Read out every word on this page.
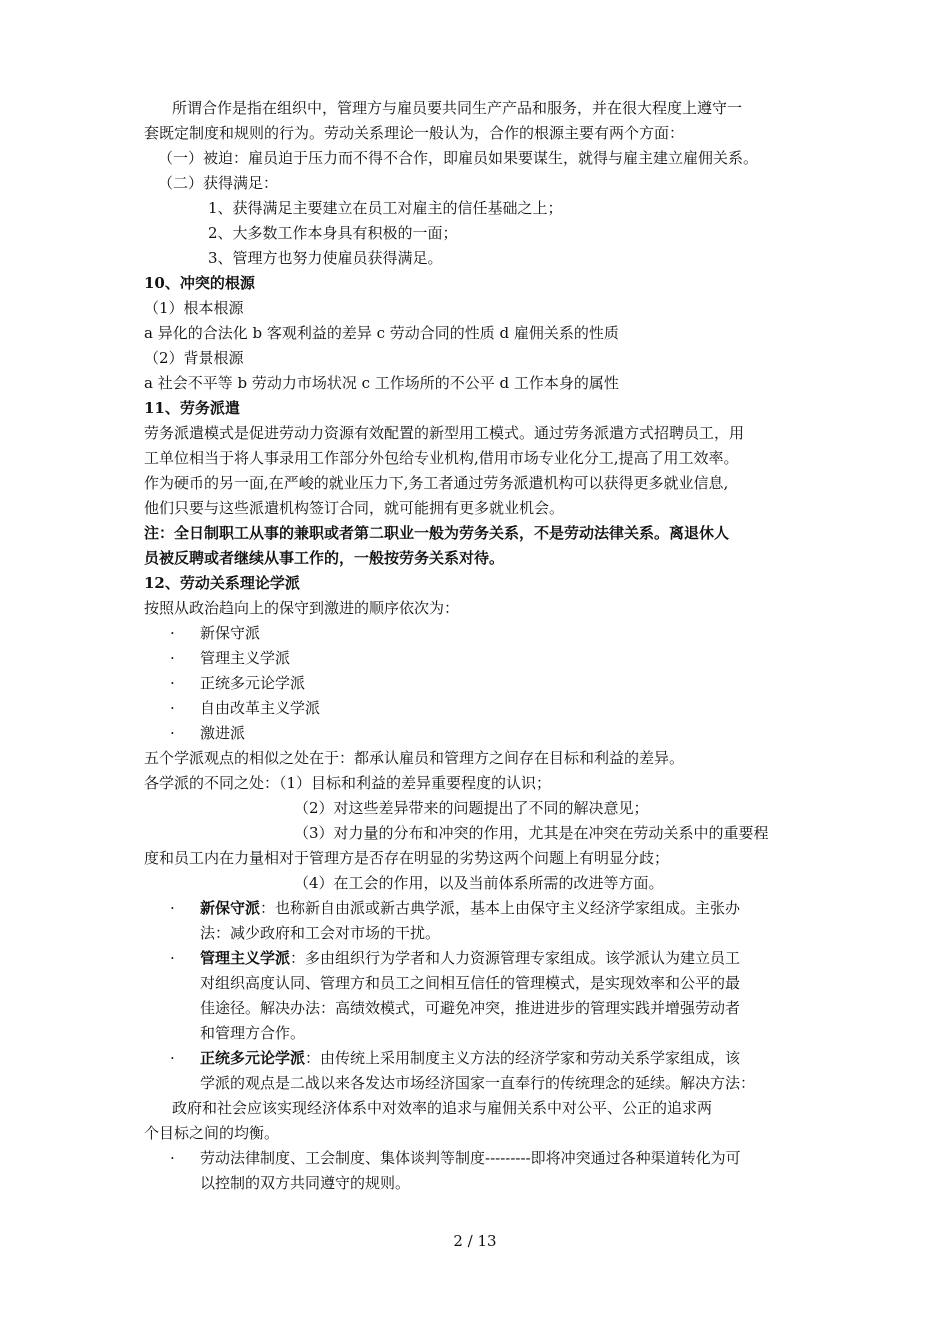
所谓合作是指在组织中，管理方与雇员要共同生产产品和服务，并在很大程度上遵守一
套既定制度和规则的行为。劳动关系理论一般认为，合作的根源主要有两个方面：
（一）被迫：雇员迫于压力而不得不合作，即雇员如果要谋生，就得与雇主建立雇佣关系。
（二）获得满足：
1、获得满足主要建立在员工对雇主的信任基础之上；
2、大多数工作本身具有积极的一面；
3、管理方也努力使雇员获得满足。
10、冲突的根源
（1）根本根源
a 异化的合法化 b 客观利益的差异 c 劳动合同的性质 d 雇佣关系的性质
（2）背景根源
a 社会不平等 b 劳动力市场状况 c 工作场所的不公平 d 工作本身的属性
11、劳务派遣
劳务派遣模式是促进劳动力资源有效配置的新型用工模式。通过劳务派遣方式招聘员工，用
工单位相当于将人事录用工作部分外包给专业机构,借用市场专业化分工,提高了用工效率。
作为硬币的另一面,在严峻的就业压力下,务工者通过劳务派遣机构可以获得更多就业信息,
他们只要与这些派遣机构签订合同，就可能拥有更多就业机会。
注：全日制职工从事的兼职或者第二职业一般为劳务关系，不是劳动法律关系。离退休人
员被反聘或者继续从事工作的，一般按劳务关系对待。
12、劳动关系理论学派
按照从政治趋向上的保守到激进的顺序依次为：
· 新保守派
· 管理主义学派
· 正统多元论学派
· 自由改革主义学派
· 激进派
五个学派观点的相似之处在于：都承认雇员和管理方之间存在目标和利益的差异。
各学派的不同之处：（1）目标和利益的差异重要程度的认识；
（2）对这些差异带来的问题提出了不同的解决意见；
（3）对力量的分布和冲突的作用，尤其是在冲突在劳动关系中的重要程
度和员工内在力量相对于管理方是否存在明显的劣势这两个问题上有明显分歧；
（4）在工会的作用，以及当前体系所需的改进等方面。
· 新保守派：也称新自由派或新古典学派，基本上由保守主义经济学家组成。主张办
法：减少政府和工会对市场的干扰。
· 管理主义学派：多由组织行为学者和人力资源管理专家组成。该学派认为建立员工
对组织高度认同、管理方和员工之间相互信任的管理模式，是实现效率和公平的最
佳途径。解决办法：高绩效模式，可避免冲突，推进进步的管理实践并增强劳动者
和管理方合作。
· 正统多元论学派：由传统上采用制度主义方法的经济学家和劳动关系学家组成，该
学派的观点是二战以来各发达市场经济国家一直奉行的传统理念的延续。解决方法：
政府和社会应该实现经济体系中对效率的追求与雇佣关系中对公平、公正的追求两
个目标之间的均衡。
· 劳动法律制度、工会制度、集体谈判等制度---------即将冲突通过各种渠道转化为可
以控制的双方共同遵守的规则。
2 / 13
